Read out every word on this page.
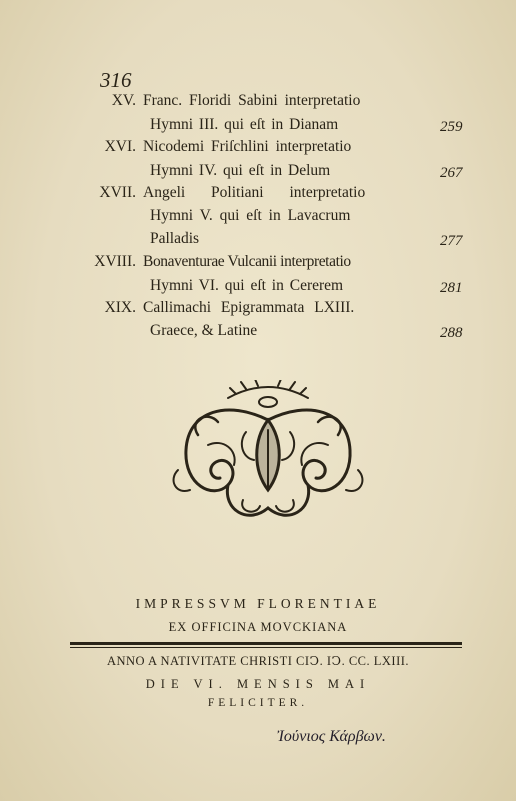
316
XV. Franc. Floridi Sabini interpretatio
Hymni III. qui eſt in Dianam	259
XVI. Nicodemi Friſchlini interpretatio
Hymni IV. qui eſt in Delum	267
XVII. Angeli Politiani interpretatio
Hymni V. qui eſt in Lavacrum
Palladis	277
XVIII. Bonaventurae Vulcanii interpretatio
Hymni VI. qui eſt in Cererem	281
XIX. Callimachi Epigrammata LXIII.
Graece, & Latine	288
IMPRESSVM FLORENTIAE
EX OFFICINA MOVCKIANA
ANNO A NATIVITATE CHRISTI CIↃ. IↃ. CC. LXIII.
DIE VI. MENSIS MAI
FELICITER.
Ἰούνιος Κάρβων.
